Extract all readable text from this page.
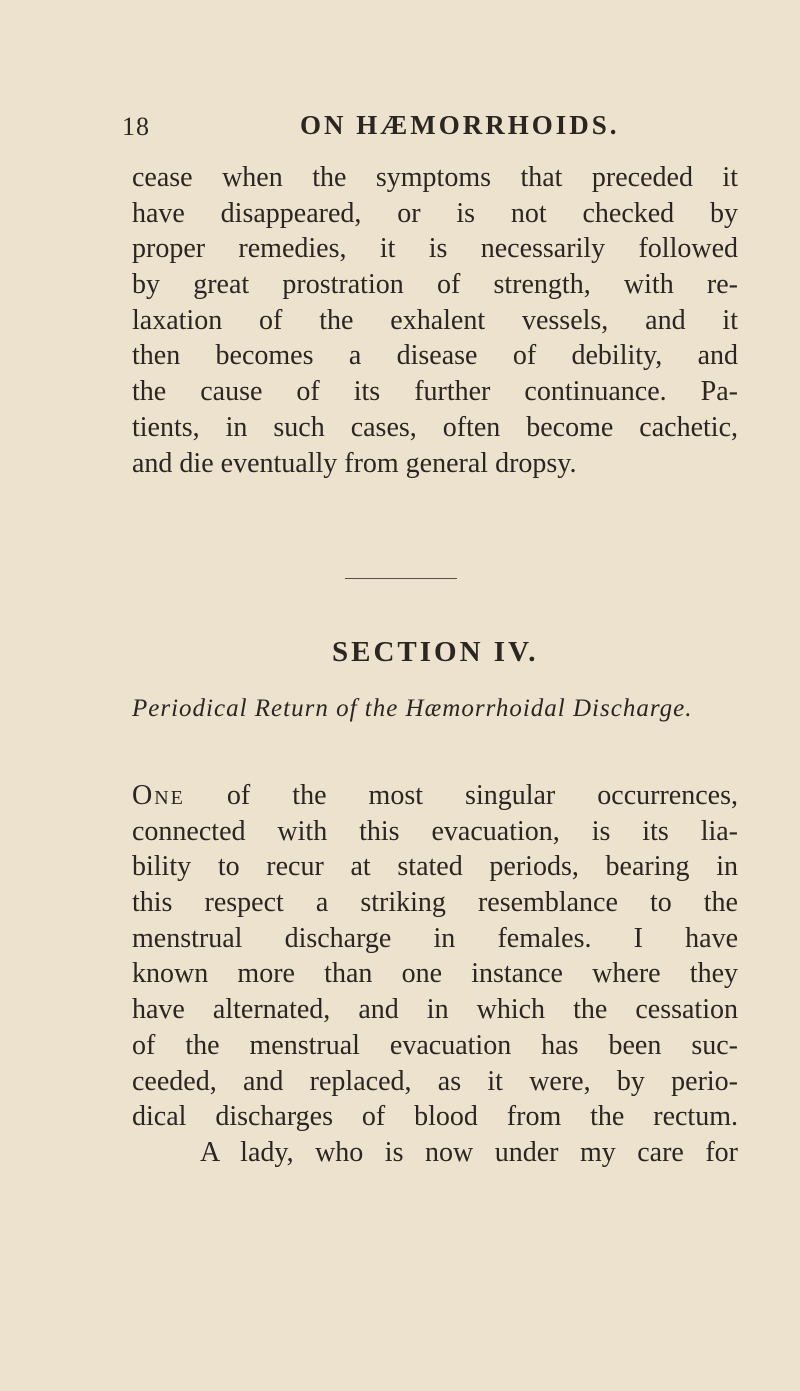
18	ON HÆMORRHOIDS.
cease when the symptoms that preceded it
have disappeared, or is not checked by
proper remedies, it is necessarily followed
by great prostration of strength, with re-
laxation of the exhalent vessels, and it
then becomes a disease of debility, and
the cause of its further continuance. Pa-
tients, in such cases, often become cachetic,
and die eventually from general dropsy.
SECTION IV.
Periodical Return of the Hæmorrhoidal Discharge.
One of the most singular occurrences,
connected with this evacuation, is its lia-
bility to recur at stated periods, bearing in
this respect a striking resemblance to the
menstrual discharge in females. I have
known more than one instance where they
have alternated, and in which the cessation
of the menstrual evacuation has been suc-
ceeded, and replaced, as it were, by perio-
dical discharges of blood from the rectum.
A lady, who is now under my care for
